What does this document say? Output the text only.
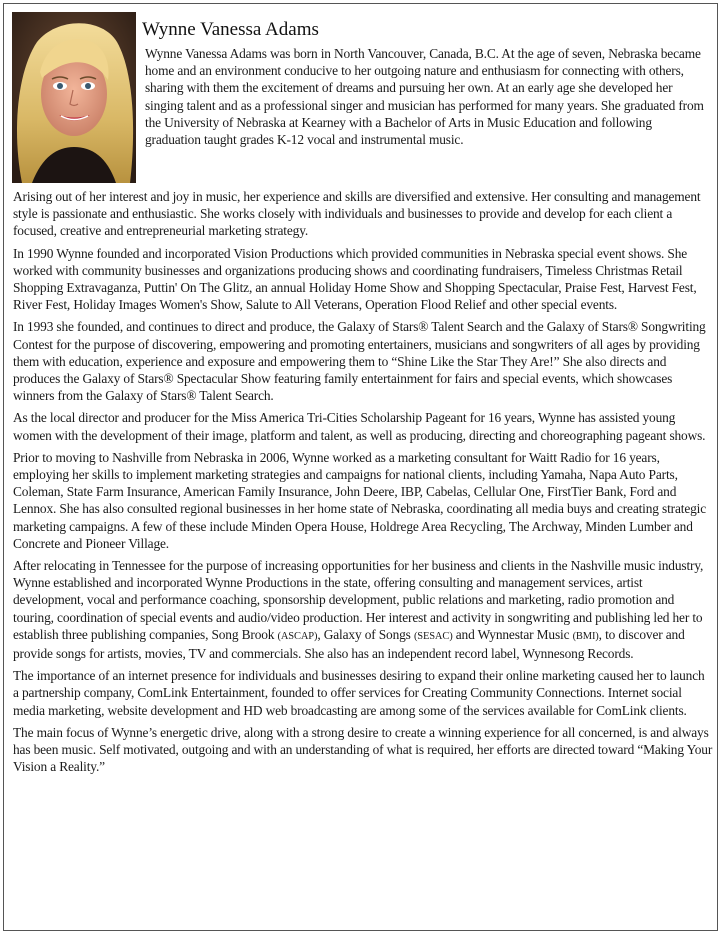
Wynne Vanessa Adams
Wynne Vanessa Adams was born in North Vancouver, Canada, B.C. At the age of seven, Nebraska became home and an environment conducive to her outgoing nature and enthusiasm for connecting with others, sharing with them the excitement of dreams and pursuing her own. At an early age she developed her singing talent and as a professional singer and musician has performed for many years. She graduated from the University of Nebraska at Kearney with a Bachelor of Arts in Music Education and following graduation taught grades K-12 vocal and instrumental music.

Arising out of her interest and joy in music, her experience and skills are diversified and extensive. Her consulting and management style is passionate and enthusiastic. She works closely with individuals and businesses to provide and develop for each client a focused, creative and entrepreneurial marketing strategy.

In 1990 Wynne founded and incorporated Vision Productions which provided communities in Nebraska special event shows. She worked with community businesses and organizations producing shows and coordinating fundraisers, Timeless Christmas Retail Shopping Extravaganza, Puttin' On The Glitz, an annual Holiday Home Show and Shopping Spectacular, Praise Fest, Harvest Fest, River Fest, Holiday Images Women's Show, Salute to All Veterans, Operation Flood Relief and other special events.

In 1993 she founded, and continues to direct and produce, the Galaxy of Stars® Talent Search and the Galaxy of Stars® Songwriting Contest for the purpose of discovering, empowering and promoting entertainers, musicians and songwriters of all ages by providing them with education, experience and exposure and empowering them to “Shine Like the Star They Are!” She also directs and produces the Galaxy of Stars® Spectacular Show featuring family entertainment for fairs and special events, which showcases winners from the Galaxy of Stars® Talent Search.

As the local director and producer for the Miss America Tri-Cities Scholarship Pageant for 16 years, Wynne has assisted young women with the development of their image, platform and talent, as well as producing, directing and choreographing pageant shows.

Prior to moving to Nashville from Nebraska in 2006, Wynne worked as a marketing consultant for Waitt Radio for 16 years, employing her skills to implement marketing strategies and campaigns for national clients, including Yamaha, Napa Auto Parts, Coleman, State Farm Insurance, American Family Insurance, John Deere, IBP, Cabelas, Cellular One, FirstTier Bank, Ford and Lennox. She has also consulted regional businesses in her home state of Nebraska, coordinating all media buys and creating strategic marketing campaigns. A few of these include Minden Opera House, Holdrege Area Recycling, The Archway, Minden Lumber and Concrete and Pioneer Village.

After relocating in Tennessee for the purpose of increasing opportunities for her business and clients in the Nashville music industry, Wynne established and incorporated Wynne Productions in the state, offering consulting and management services, artist development, vocal and performance coaching, sponsorship development, public relations and marketing, radio promotion and touring, coordination of special events and audio/video production. Her interest and activity in songwriting and publishing led her to establish three publishing companies, Song Brook (ASCAP), Galaxy of Songs (SESAC) and Wynnestar Music (BMI), to discover and provide songs for artists, movies, TV and commercials. She also has an independent record label, Wynnesong Records.

The importance of an internet presence for individuals and businesses desiring to expand their online marketing caused her to launch a partnership company, ComLink Entertainment, founded to offer services for Creating Community Connections. Internet social media marketing, website development and HD web broadcasting are among some of the services available for ComLink clients.

The main focus of Wynne’s energetic drive, along with a strong desire to create a winning experience for all concerned, is and always has been music. Self motivated, outgoing and with an understanding of what is required, her efforts are directed toward “Making Your Vision a Reality.”
